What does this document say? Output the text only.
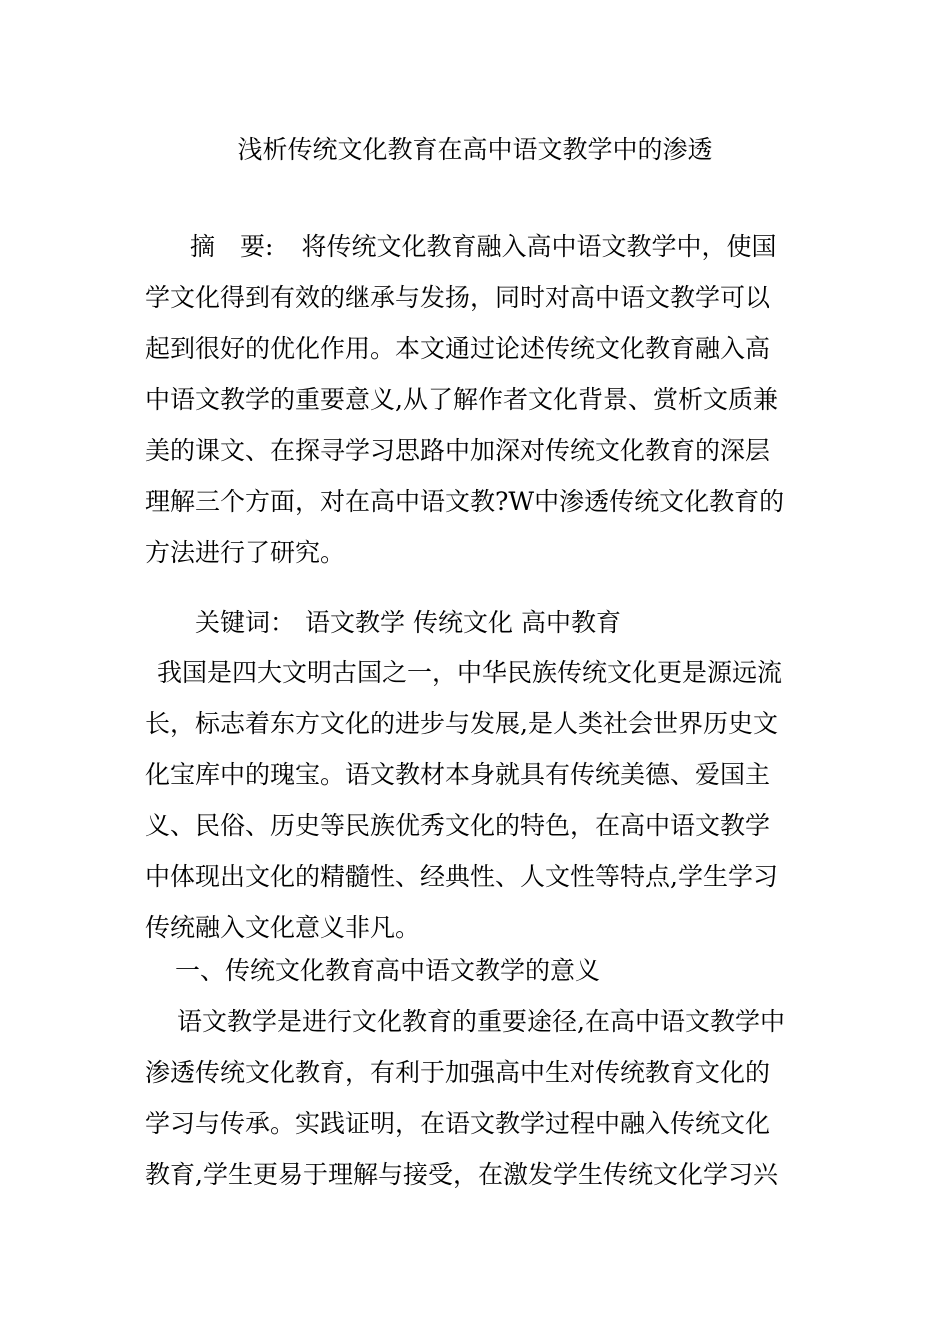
浅析传统文化教育在高中语文教学中的渗透
摘　要: 将传统文化教育融入高中语文教学中，使国
学文化得到有效的继承与发扬，同时对高中语文教学可以
起到很好的优化作用。本文通过论述传统文化教育融入高
中语文教学的重要意义,从了解作者文化背景、赏析文质兼
美的课文、在探寻学习思路中加深对传统文化教育的深层
理解三个方面，对在高中语文教?W中渗透传统文化教育的
方法进行了研究。
关键词： 语文教学 传统文化 高中教育
我国是四大文明古国之一，中华民族传统文化更是源远流
长，标志着东方文化的进步与发展,是人类社会世界历史文
化宝库中的瑰宝。语文教材本身就具有传统美德、爱国主
义、民俗、历史等民族优秀文化的特色，在高中语文教学
中体现出文化的精髓性、经典性、人文性等特点,学生学习
传统融入文化意义非凡。
一、传统文化教育高中语文教学的意义
语文教学是进行文化教育的重要途径,在高中语文教学中
渗透传统文化教育，有利于加强高中生对传统教育文化的
学习与传承。实践证明，在语文教学过程中融入传统文化
教育,学生更易于理解与接受，在激发学生传统文化学习兴
